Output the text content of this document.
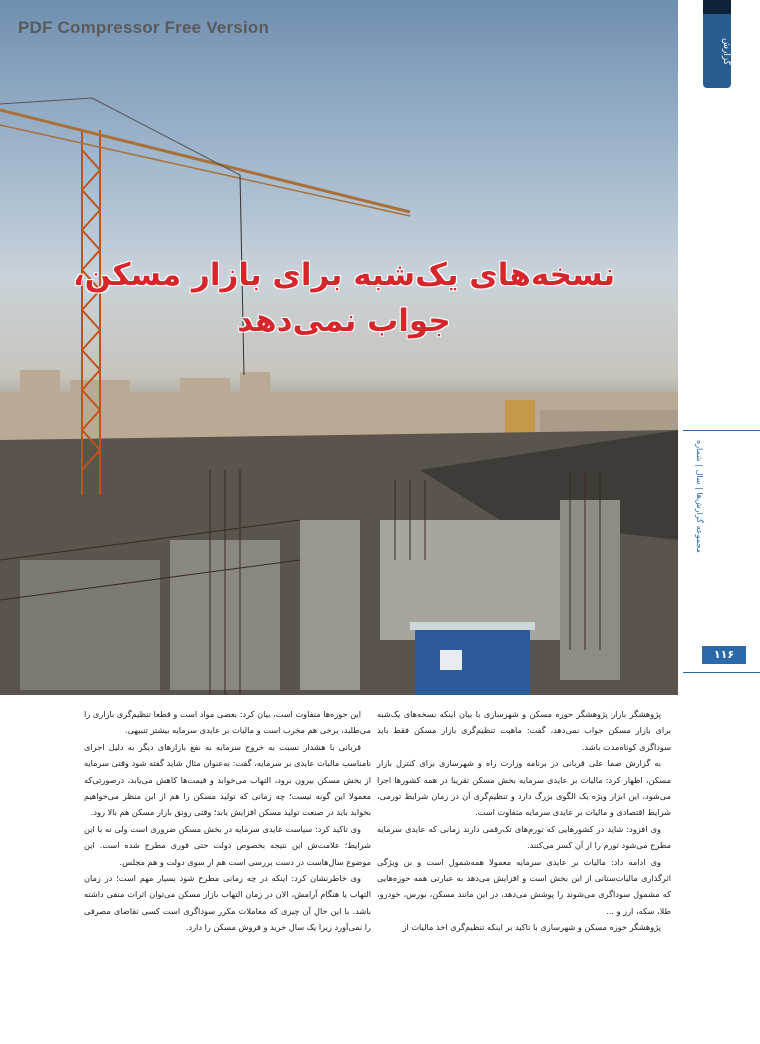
PDF Compressor Free Version
نسخه‌های یک‌شبه برای بازار مسکن،
جواب نمی‌دهد
گزارش
مجموعه گزارش‌ها | سال | شماره
۱۱۶

پژوهشگر بازار پژوهشگر حوزه مسکن و شهرسازی با بیان اینکه نسخه‌های یک‌شبه برای بازار مسکن جواب نمی‌دهد، گفت: ماهیت تنظیم‌گری بازار مسکن فقط باید سوداگری کوتاه‌مدت باشد.

به گزارش صما علی قربانی در برنامه وزارت راه و شهرسازی برای کنترل بازار مسکن، اظهار کرد: مالیات بر عایدی سرمایه بخش مسکن تقریبا در همه کشورها اجرا می‌شود، این ابزار ویژه یک الگوی بزرگ دارد و تنظیم‌گری آن در زمان شرایط تورمی، شرایط اقتصادی و مالیات بر عایدی سرمایه متفاوت است.

وی افزود: شاید در کشورهایی که تورم‌های تک‌رقمی دارند زمانی که عایدی سرمایه مطرح می‌شود تورم را از آن کسر می‌کنند.

وی ادامه داد: مالیات بر عایدی سرمایه معمولا همه‌شمول است و بن ویژگی اثرگذاری مالیات‌ستانی از این بخش است و افزایش می‌دهد به عبارتی همه حوزه‌هایی که مشمول سوداگری می‌شوند را پوشش می‌دهد، در این مانند مسکن، بورس، خودرو، طلا، سکه، ارز و ...

پژوهشگر حوزه مسکن و شهرسازی با تاکید بر اینکه تنظیم‌گری اخذ مالیات از

این حوزه‌ها متفاوت است، بیان کرد: بعضی مواد است و قطعا تنظیم‌گری بازاری را می‌طلبد، برخی هم مخرب است و مالیات بر عایدی سرمایه بیشتر تنبیهی.

قربانی با هشدار نسبت به خروج سرمایه به نفع بازارهای دیگر به دلیل اجرای نامناسب مالیات عایدی بر سرمایه، گفت: به‌عنوان مثال شاید گفته شود وقتی سرمایه از بخش مسکن بیرون برود، التهاب می‌خوابد و قیمت‌ها کاهش می‌یابد، درصورتی‌که معمولا این گونه نیست؛ چه زمانی که تولید مسکن را هم از این منظر می‌خواهیم بخوابد باید در صنعت تولید مسکن افزایش یابد؛ وقتی رونق بازار مسکن هم بالا رود.

وی تاکید کرد: سیاست عایدی سرمایه در بخش مسکن ضروری است ولی نه با این شرایط؛ علامت‌ش این نتیجه بخصوص دولت حتی فوری مطرح شده است. این موضوع سال‌هاست در دست بررسی است هم از سوی دولت و هم مجلس.

وی خاطرنشان کرد: اینکه در چه زمانی مطرح شود بسیار مهم است؛ در زمان التهاب یا هنگام آرامش، الان در زمان التهاب بازار مسکن می‌توان اثرات منفی داشته باشد. با این حال آن چیزی که معاملات مکرر سوداگری است کسی تقاضای مصرفی را نمی‌آورد زیرا یک سال خرید و فروش مسکن را دارد.
